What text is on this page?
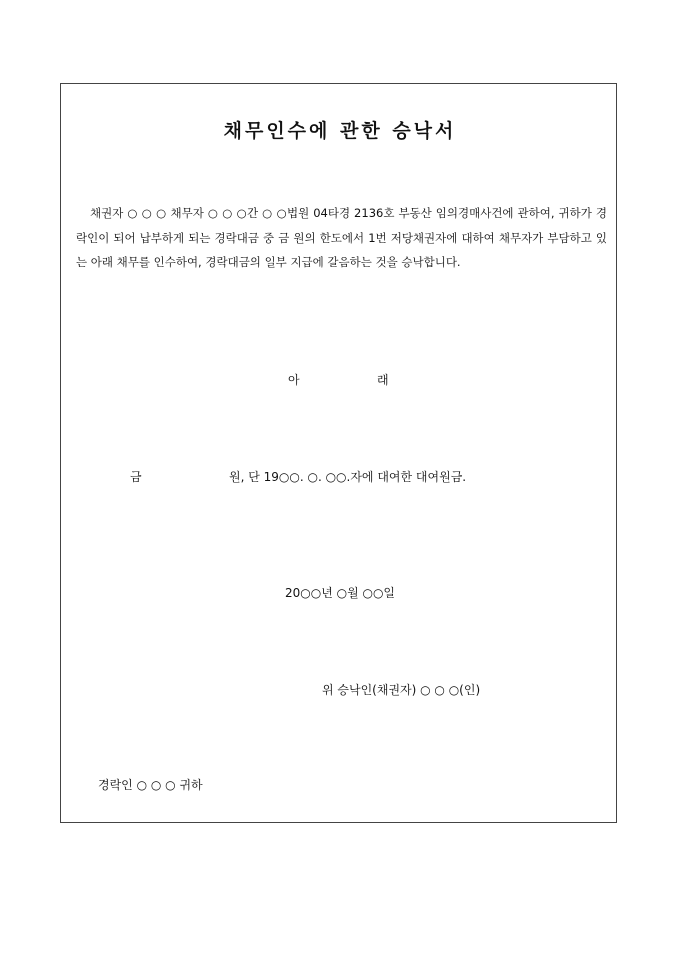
채무인수에 관한 승낙서
채권자 ○ ○ ○ 채무자 ○ ○ ○간 ○ ○법원 04타경 2136호 부동산 임의경매사건에 관하여, 귀하가 경락인이 되어 납부하게 되는 경락대금 중 금 원의 한도에서 1번 저당채권자에 대하여 채무자가 부담하고 있는 아래 채무를 인수하여, 경락대금의 일부 지급에 갈음하는 것을 승낙합니다.
아	래
금	원, 단 19○○. ○. ○○.자에 대여한 대여원금.
20○○년 ○월 ○○일
위 승낙인(채권자) ○ ○ ○(인)
경락인 ○ ○ ○ 귀하
